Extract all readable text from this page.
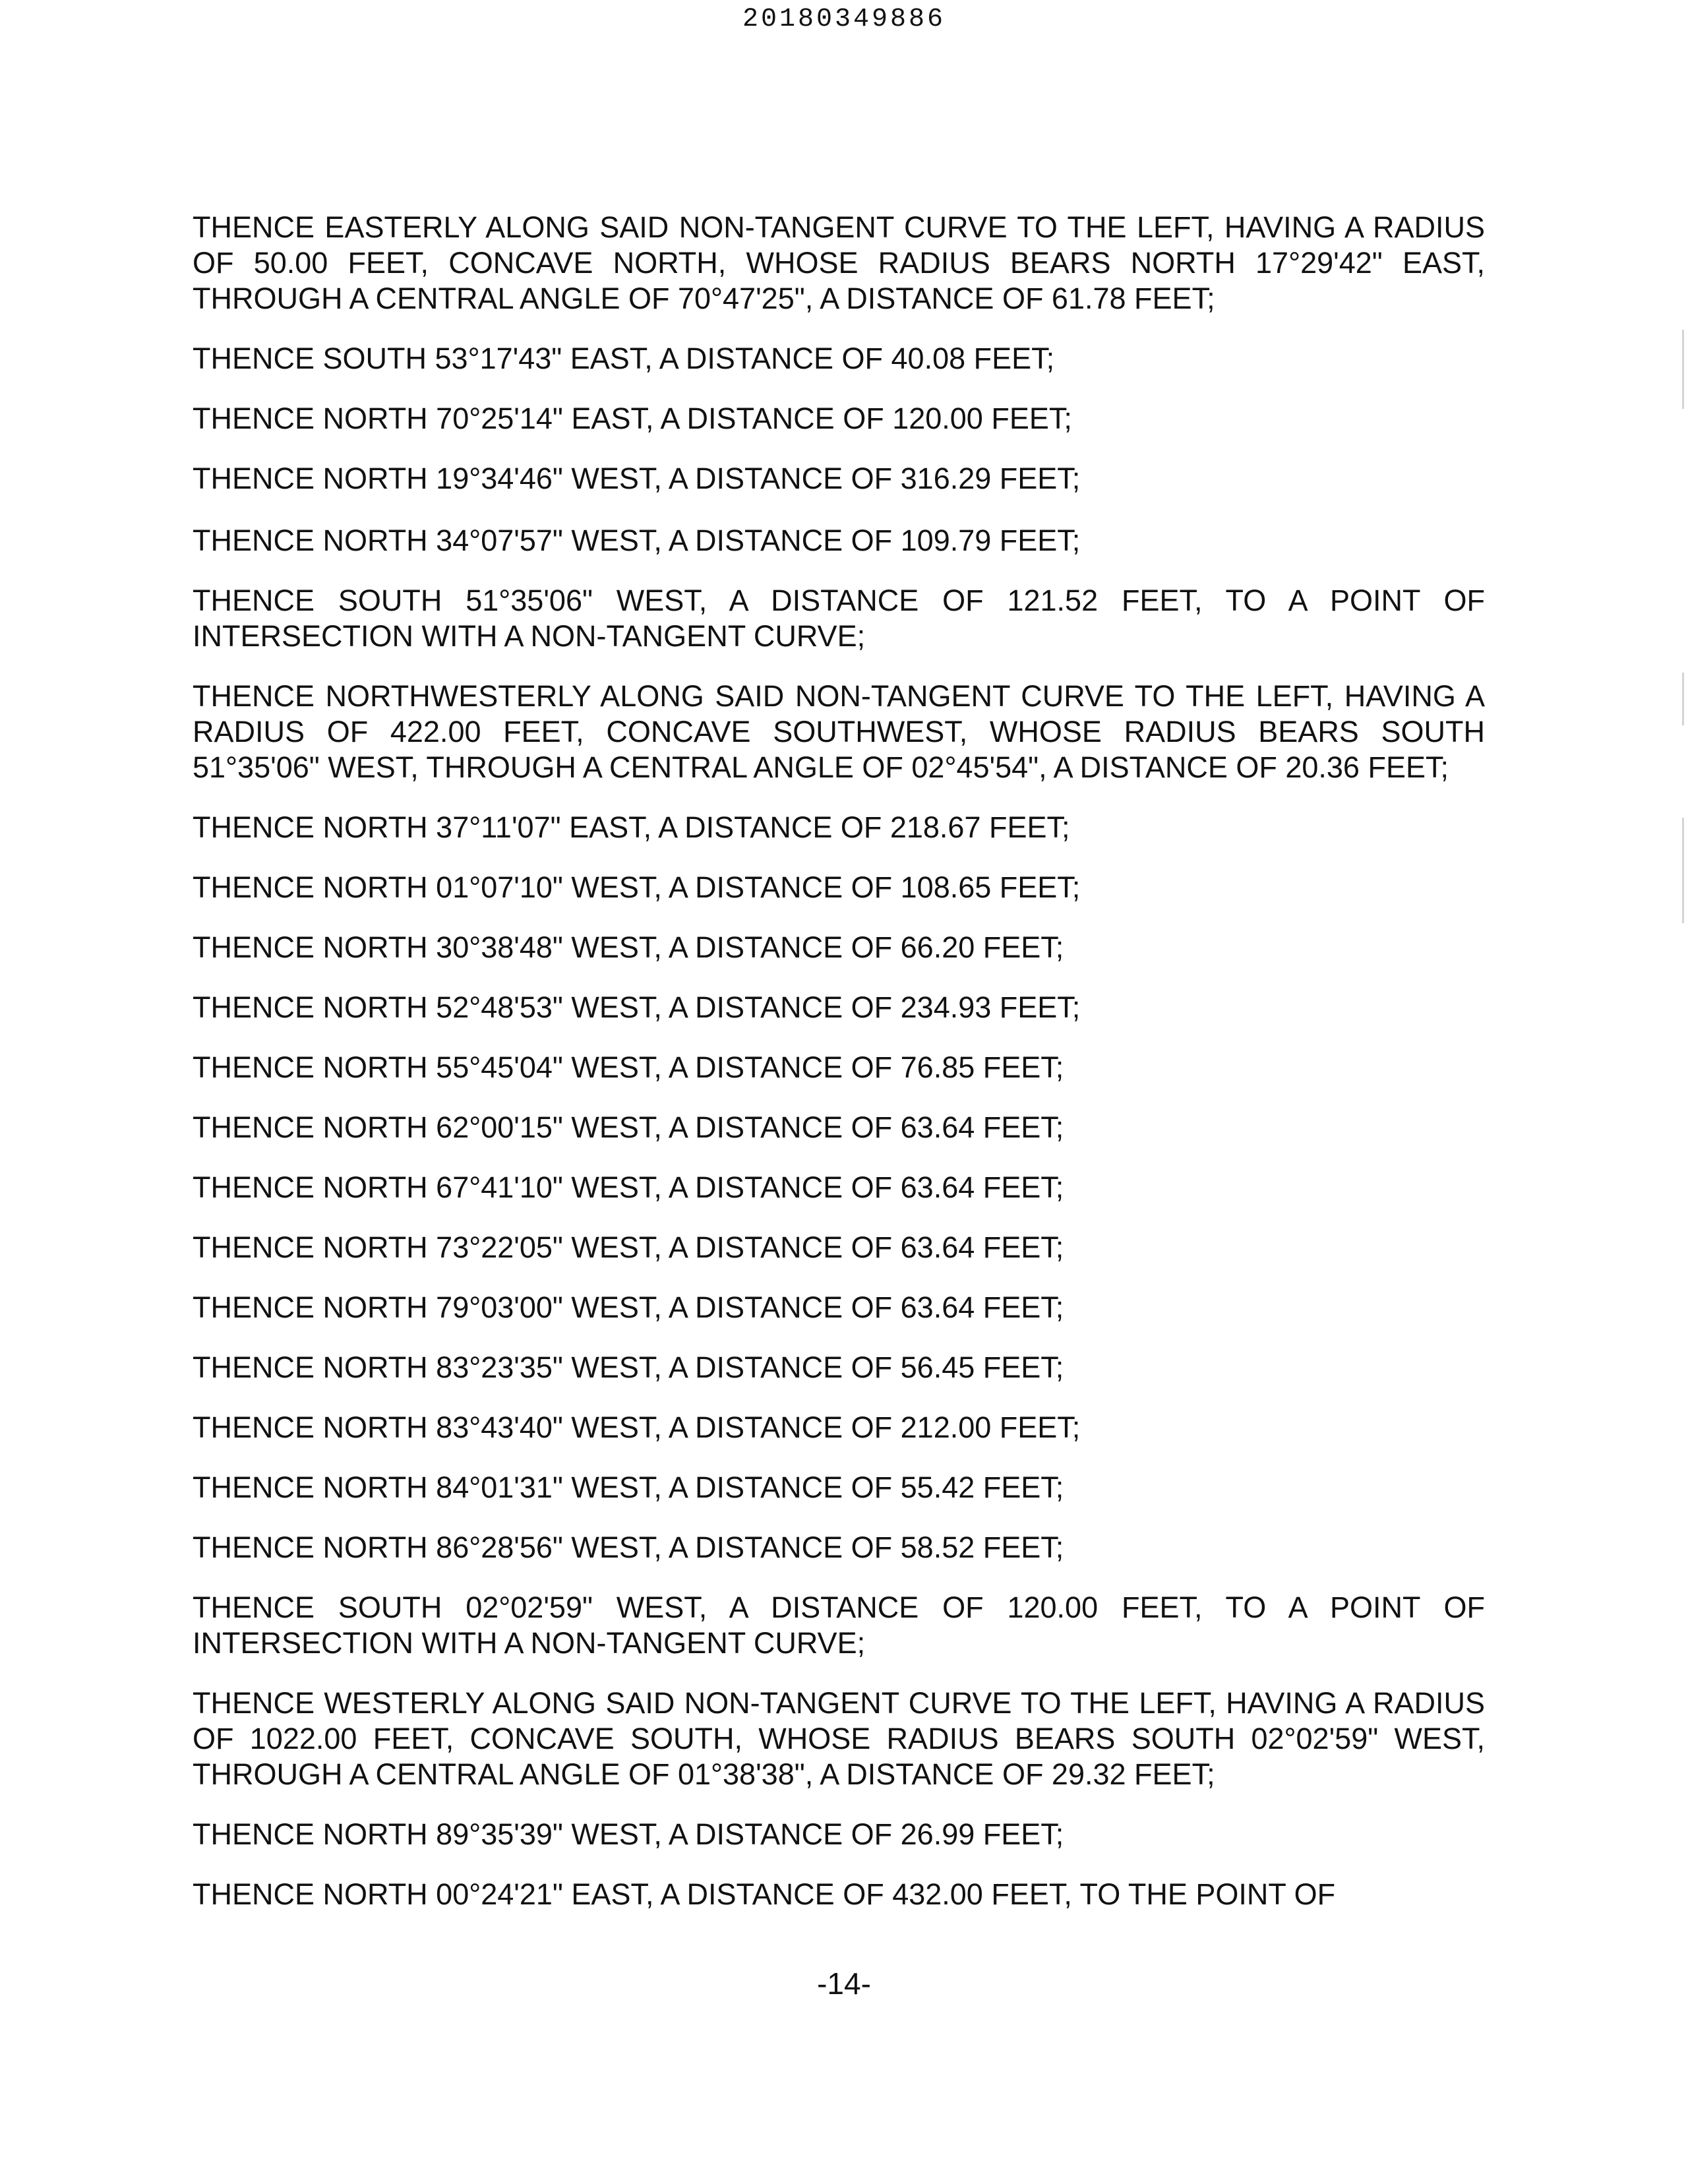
20180349886

THENCE EASTERLY ALONG SAID NON-TANGENT CURVE TO THE LEFT, HAVING A RADIUS OF 50.00 FEET, CONCAVE NORTH, WHOSE RADIUS BEARS NORTH 17°29'42" EAST, THROUGH A CENTRAL ANGLE OF 70°47'25", A DISTANCE OF 61.78 FEET;

THENCE SOUTH 53°17'43" EAST, A DISTANCE OF 40.08 FEET;

THENCE NORTH 70°25'14" EAST, A DISTANCE OF 120.00 FEET;

THENCE NORTH 19°34'46" WEST, A DISTANCE OF 316.29 FEET;

THENCE NORTH 34°07'57" WEST, A DISTANCE OF 109.79 FEET;

THENCE SOUTH 51°35'06" WEST, A DISTANCE OF 121.52 FEET, TO A POINT OF INTERSECTION WITH A NON-TANGENT CURVE;

THENCE NORTHWESTERLY ALONG SAID NON-TANGENT CURVE TO THE LEFT, HAVING A RADIUS OF 422.00 FEET, CONCAVE SOUTHWEST, WHOSE RADIUS BEARS SOUTH 51°35'06" WEST, THROUGH A CENTRAL ANGLE OF 02°45'54", A DISTANCE OF 20.36 FEET;

THENCE NORTH 37°11'07" EAST, A DISTANCE OF 218.67 FEET;

THENCE NORTH 01°07'10" WEST, A DISTANCE OF 108.65 FEET;

THENCE NORTH 30°38'48" WEST, A DISTANCE OF 66.20 FEET;

THENCE NORTH 52°48'53" WEST, A DISTANCE OF 234.93 FEET;

THENCE NORTH 55°45'04" WEST, A DISTANCE OF 76.85 FEET;

THENCE NORTH 62°00'15" WEST, A DISTANCE OF 63.64 FEET;

THENCE NORTH 67°41'10" WEST, A DISTANCE OF 63.64 FEET;

THENCE NORTH 73°22'05" WEST, A DISTANCE OF 63.64 FEET;

THENCE NORTH 79°03'00" WEST, A DISTANCE OF 63.64 FEET;

THENCE NORTH 83°23'35" WEST, A DISTANCE OF 56.45 FEET;

THENCE NORTH 83°43'40" WEST, A DISTANCE OF 212.00 FEET;

THENCE NORTH 84°01'31" WEST, A DISTANCE OF 55.42 FEET;

THENCE NORTH 86°28'56" WEST, A DISTANCE OF 58.52 FEET;

THENCE SOUTH 02°02'59" WEST, A DISTANCE OF 120.00 FEET, TO A POINT OF INTERSECTION WITH A NON-TANGENT CURVE;

THENCE WESTERLY ALONG SAID NON-TANGENT CURVE TO THE LEFT, HAVING A RADIUS OF 1022.00 FEET, CONCAVE SOUTH, WHOSE RADIUS BEARS SOUTH 02°02'59" WEST, THROUGH A CENTRAL ANGLE OF 01°38'38", A DISTANCE OF 29.32 FEET;

THENCE NORTH 89°35'39" WEST, A DISTANCE OF 26.99 FEET;

THENCE NORTH 00°24'21" EAST, A DISTANCE OF 432.00 FEET, TO THE POINT OF

-14-
